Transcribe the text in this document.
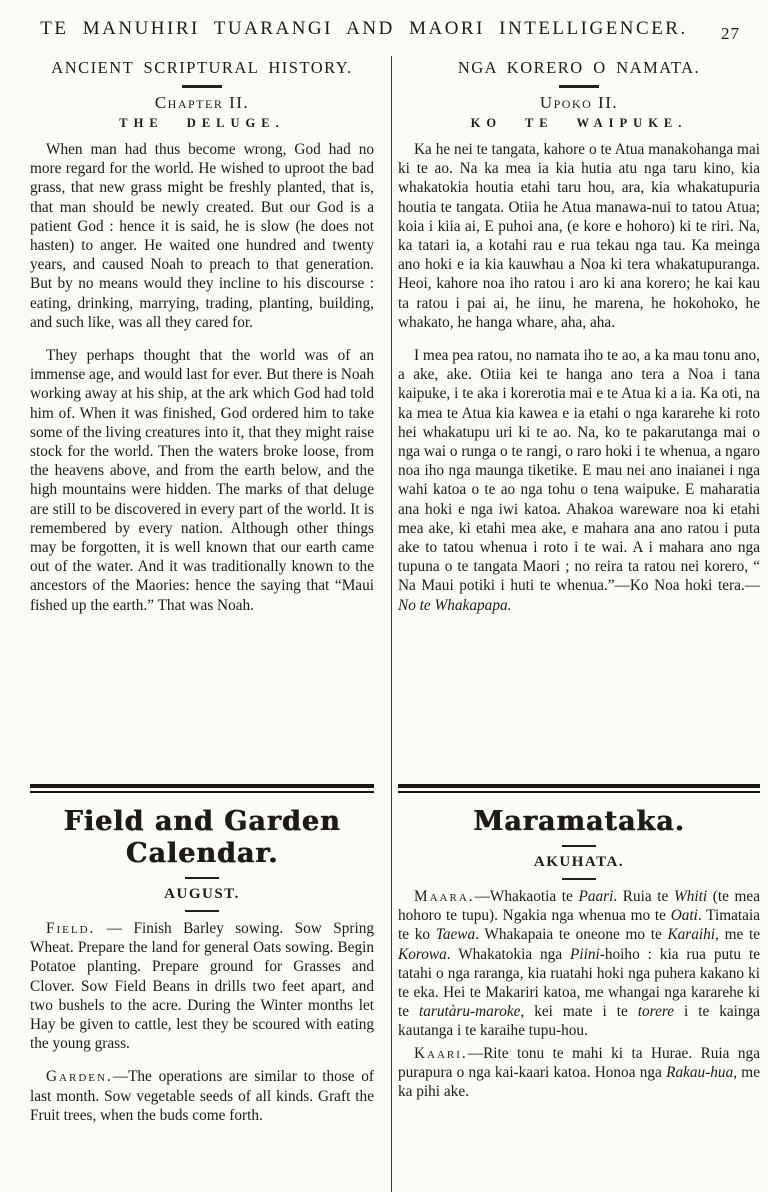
TE MANUHIRI TUARANGI AND MAORI INTELLIGENCER.	27
ANCIENT SCRIPTURAL HISTORY.
Chapter II.
THE DELUGE.

When man had thus become wrong, God had no more regard for the world. He wished to uproot the bad grass, that new grass might be freshly planted, that is, that man should be newly created. But our God is a patient God : hence it is said, he is slow (he does not hasten) to anger. He waited one hundred and twenty years, and caused Noah to preach to that generation. But by no means would they incline to his discourse : eating, drinking, marrying, trading, planting, building, and such like, was all they cared for.

They perhaps thought that the world was of an immense age, and would last for ever. But there is Noah working away at his ship, at the ark which God had told him of. When it was finished, God ordered him to take some of the living creatures into it, that they might raise stock for the world. Then the waters broke loose, from the heavens above, and from the earth below, and the high mountains were hidden. The marks of that deluge are still to be discovered in every part of the world. It is remembered by every nation. Although other things may be forgotten, it is well known that our earth came out of the water. And it was traditionally known to the ancestors of the Maories: hence the saying that “Maui fished up the earth.” That was Noah.

Field and Garden Calendar.
AUGUST.

Field. — Finish Barley sowing. Sow Spring Wheat. Prepare the land for general Oats sowing. Begin Potatoe planting. Prepare ground for Grasses and Clover. Sow Field Beans in drills two feet apart, and two bushels to the acre. During the Winter months let Hay be given to cattle, lest they be scoured with eating the young grass.

Garden.—The operations are similar to those of last month. Sow vegetable seeds of all kinds. Graft the Fruit trees, when the buds come forth.

NGA KORERO O NAMATA.
Upoko II.
KO TE WAIPUKE.

Ka he nei te tangata, kahore o te Atua manakohanga mai ki te ao. Na ka mea ia kia hutia atu nga taru kino, kia whakatokia houtia etahi taru hou, ara, kia whakatupuria houtia te tangata. Otiia he Atua manawa-nui to tatou Atua; koia i kiia ai, E puhoi ana, (e kore e hohoro) ki te riri. Na, ka tatari ia, a kotahi rau e rua tekau nga tau. Ka meinga ano hoki e ia kia kauwhau a Noa ki tera whakatupuranga. Heoi, kahore noa iho ratou i aro ki ana korero; he kai kau ta ratou i pai ai, he iinu, he marena, he hokohoko, he whakato, he hanga whare, aha, aha.

I mea pea ratou, no namata iho te ao, a ka mau tonu ano, a ake, ake. Otiia kei te hanga ano tera a Noa i tana kaipuke, i te aka i korerotia mai e te Atua ki a ia. Ka oti, na ka mea te Atua kia kawea e ia etahi o nga kararehe ki roto hei whakatupu uri ki te ao. Na, ko te pakarutanga mai o nga wai o runga o te rangi, o raro hoki i te whenua, a ngaro noa iho nga maunga tiketike. E mau nei ano inaianei i nga wahi katoa o te ao nga tohu o tena waipuke. E maharatia ana hoki e nga iwi katoa. Ahakoa wareware noa ki etahi mea ake, ki etahi mea ake, e mahara ana ano ratou i puta ake to tatou whenua i roto i te wai. A i mahara ano nga tupuna o te tangata Maori ; no reira ta ratou nei korero, “ Na Maui potiki i huti te whenua.”—Ko Noa hoki tera.—No te Whakapapa.

Maramataka.
AKUHATA.

Maara.—Whakaotia te Paari. Ruia te Whiti (te mea hohoro te tupu). Ngakia nga whenua mo te Oati. Timataia te ko Taewa. Whakapaia te oneone mo te Karaihi, me te Korowa. Whakatokia nga Piini-hoiho : kia rua putu te tatahi o nga raranga, kia ruatahi hoki nga puhera kakano ki te eka. Hei te Makariri katoa, me whangai nga kararehe ki te tarutàru-maroke, kei mate i te torere i te kainga kautanga i te karaihe tupu-hou.

Kaari.—Rite tonu te mahi ki ta Hurae. Ruia nga purapura o nga kai-kaari katoa. Honoa nga Rakau-hua, me ka pihi ake.
